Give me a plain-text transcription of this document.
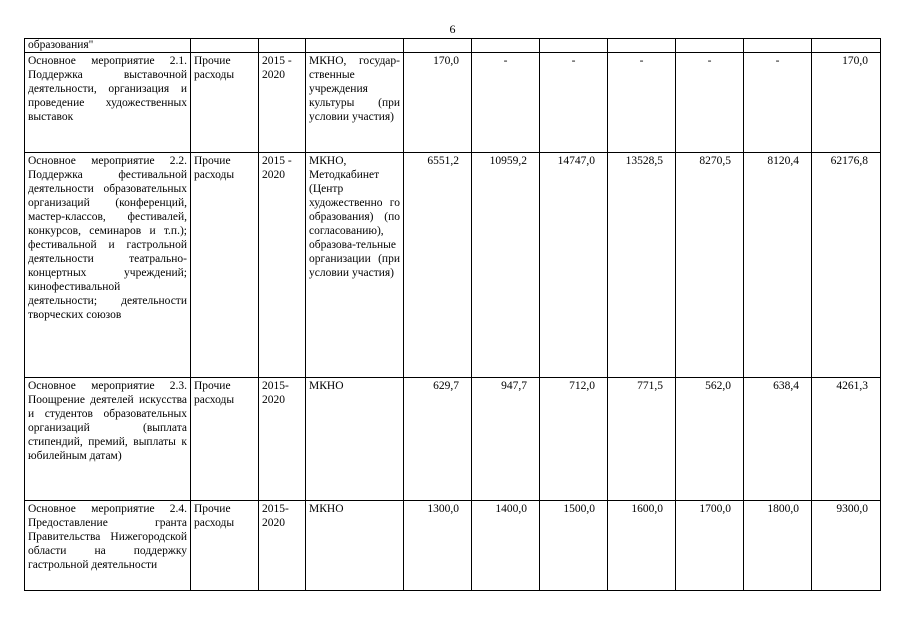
6
образования"										
Основное мероприятие 2.1. Поддержка выставочной деятельности, организация и проведение художественных выставок	Прочие расходы	2015 - 2020	МКНО, государ-ственные учреждения культуры (при условии участия)	170,0	-	-	-	-	-	170,0
Основное мероприятие 2.2. Поддержка фестивальной деятельности образовательных организаций (конференций, мастер-классов, фестивалей, конкурсов, семинаров и т.п.); фестивальной и гастрольной деятельности театрально-концертных учреждений; кинофестивальной деятельности; деятельности творческих союзов	Прочие расходы	2015 - 2020	МКНО, Методкабинет (Центр художественно го образования) (по согласованию), образова-тельные организации (при условии участия)	6551,2	10959,2	14747,0	13528,5	8270,5	8120,4	62176,8
Основное мероприятие 2.3. Поощрение деятелей искусства и студентов образовательных организаций (выплата стипендий, премий, выплаты к юбилейным датам)	Прочие расходы	2015-2020	МКНО	629,7	947,7	712,0	771,5	562,0	638,4	4261,3
Основное мероприятие 2.4. Предоставление гранта Правительства Нижегородской области на поддержку гастрольной деятельности	Прочие расходы	2015-2020	МКНО	1300,0	1400,0	1500,0	1600,0	1700,0	1800,0	9300,0
